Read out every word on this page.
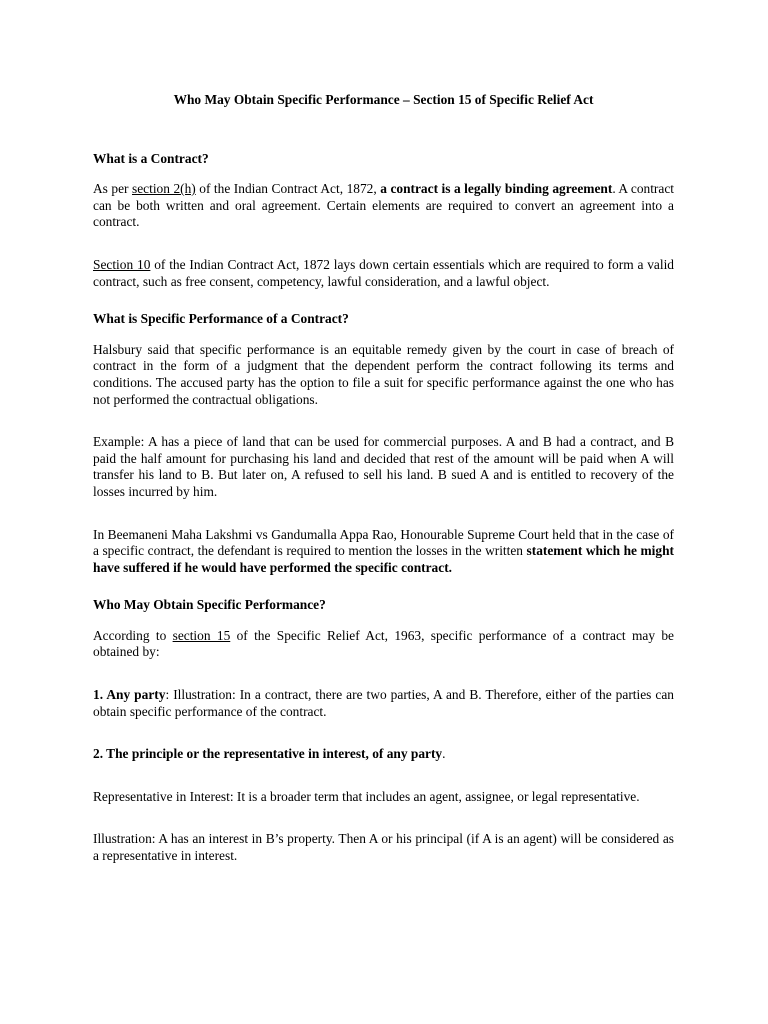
Who May Obtain Specific Performance – Section 15 of Specific Relief Act

What is a Contract?

As per section 2(h) of the Indian Contract Act, 1872, a contract is a legally binding agreement. A contract can be both written and oral agreement. Certain elements are required to convert an agreement into a contract.

Section 10 of the Indian Contract Act, 1872 lays down certain essentials which are required to form a valid contract, such as free consent, competency, lawful consideration, and a lawful object.

What is Specific Performance of a Contract?

Halsbury said that specific performance is an equitable remedy given by the court in case of breach of contract in the form of a judgment that the dependent perform the contract following its terms and conditions. The accused party has the option to file a suit for specific performance against the one who has not performed the contractual obligations.

Example: A has a piece of land that can be used for commercial purposes. A and B had a contract, and B paid the half amount for purchasing his land and decided that rest of the amount will be paid when A will transfer his land to B. But later on, A refused to sell his land. B sued A and is entitled to recovery of the losses incurred by him.

In Beemaneni Maha Lakshmi vs Gandumalla Appa Rao, Honourable Supreme Court held that in the case of a specific contract, the defendant is required to mention the losses in the written statement which he might have suffered if he would have performed the specific contract.

Who May Obtain Specific Performance?

According to section 15 of the Specific Relief Act, 1963, specific performance of a contract may be obtained by:

1. Any party: Illustration: In a contract, there are two parties, A and B. Therefore, either of the parties can obtain specific performance of the contract.

2. The principle or the representative in interest, of any party.

Representative in Interest: It is a broader term that includes an agent, assignee, or legal representative.

Illustration: A has an interest in B’s property. Then A or his principal (if A is an agent) will be considered as a representative in interest.
